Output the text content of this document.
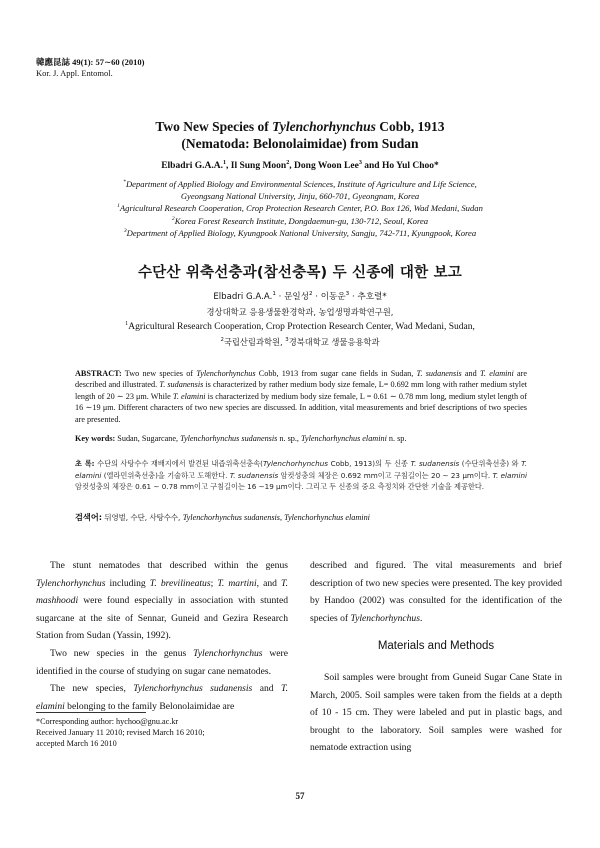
韓應昆誌 49(1): 57∼60 (2010)
Kor. J. Appl. Entomol.
Two New Species of Tylenchorhynchus Cobb, 1913
(Nematoda: Belonolaimidae) from Sudan
Elbadri G.A.A.$^1$, Il Sung Moon$^2$, Dong Woon Lee$^3$ and Ho Yul Choo*
*Department of Applied Biology and Environmental Sciences, Institute of Agriculture and Life Science,
Gyeongsang National University, Jinju, 660-701, Gyeongnam, Korea
$^1$Agricultural Research Cooperation, Crop Protection Research Center, P.O. Box 126, Wad Medani, Sudan
$^2$Korea Forest Research Institute, Dongdaemun-gu, 130-712, Seoul, Korea
$^3$Department of Applied Biology, Kyungpook National University, Sangju, 742-711, Kyungpook, Korea
수단산 위축선충과(참선충목) 두 신종에 대한 보고
Elbadri G.A.A.$^1$ · 문일성$^2$ · 이동운$^3$ · 추호렬*
경상대학교 응용생물환경학과, 농업생명과학연구원,
$^1$Agricultural Research Cooperation, Crop Protection Research Center, Wad Medani, Sudan,
$^2$국립산림과학원, $^3$경북대학교 생물응용학과
ABSTRACT: Two new species of Tylenchorhynchus Cobb, 1913 from sugar cane fields in Sudan, T. sudanensis and T. elamini are described and illustrated. T. sudanensis is characterized by rather medium body size female, L= 0.692 mm long with rather medium stylet length of 20 ∼ 23 μm. While T. elamini is characterized by medium body size female, L = 0.61 ∼ 0.78 mm long, medium stylet length of 16 ∼19 μm. Different characters of two new species are discussed. In addition, vital measurements and brief descriptions of two species are presented.
Key words: Sudan, Sugarcane, Tylenchorhynchus sudanensis n. sp., Tylenchorhynchus elamini n. sp.
초 록: 수단의 사탕수수 재배지에서 발견된 내즙위축선충속(Tylenchorhynchus Cobb, 1913)의 두 신종 T. sudanensis (수단위축선충) 와 T. elamini (엘라민위축선충)을 기술하고 도해한다. T. sudanensis 암컷성충의 체장은 0.692 mm이고 구침길이는 20 ∼ 23 μm이다. T. elamini 암컷성충의 체장은 0.61 ∼ 0.78 mm이고 구침길이는 16 ∼19 μm이다. 그리고 두 신종의 중요 측정치와 간단한 기술을 제공한다.
검색어: 뒤영벌, 수단, 사탕수수, Tylenchorhynchus sudanensis, Tylenchorhynchus elamini

The stunt nematodes that described within the genus Tylenchorhynchus including T. brevilineatus; T. martini, and T. mashhoodi were found especially in association with stunted sugarcane at the site of Sennar, Guneid and Gezira Research Station from Sudan (Yassin, 1992).

Two new species in the genus Tylenchorhynchus were identified in the course of studying on sugar cane nematodes.

The new species, Tylenchorhynchus sudanensis and T. elamini belonging to the family Belonolaimidae are

described and figured. The vital measurements and brief description of two new species were presented. The key provided by Handoo (2002) was consulted for the identification of the species of Tylenchorhynchus.

Materials and Methods

Soil samples were brought from Guneid Sugar Cane State in March, 2005. Soil samples were taken from the fields at a depth of 10 - 15 cm. They were labeled and put in plastic bags, and brought to the laboratory. Soil samples were washed for nematode extraction using

*Corresponding author: hychoo@gnu.ac.kr
Received January 11 2010; revised March 16 2010;
accepted March 16 2010
57
